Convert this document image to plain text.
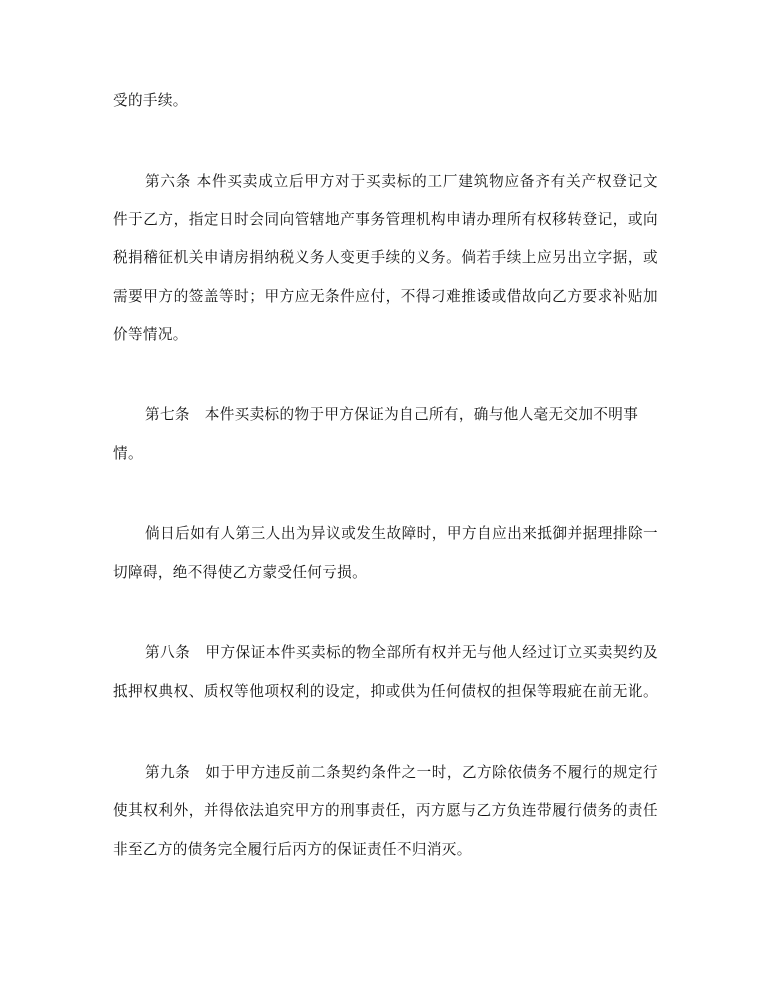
受的手续。
第六条 本件买卖成立后甲方对于买卖标的工厂建筑物应备齐有关产权登记文
件于乙方，指定日时会同向管辖地产事务管理机构申请办理所有权移转登记，或向
税捐稽征机关申请房捐纳税义务人变更手续的义务。倘若手续上应另出立字据，或
需要甲方的签盖等时；甲方应无条件应付，不得刁难推诿或借故向乙方要求补贴加
价等情况。
第七条　本件买卖标的物于甲方保证为自己所有，确与他人毫无交加不明事
情。
倘日后如有人第三人出为异议或发生故障时，甲方自应出来抵御并据理排除一
切障碍，绝不得使乙方蒙受任何亏损。
第八条　甲方保证本件买卖标的物全部所有权并无与他人经过订立买卖契约及
抵押权典权、质权等他项权利的设定，抑或供为任何债权的担保等瑕疵在前无讹。
第九条　如于甲方违反前二条契约条件之一时，乙方除依债务不履行的规定行
使其权利外，并得依法追究甲方的刑事责任，丙方愿与乙方负连带履行债务的责任
非至乙方的债务完全履行后丙方的保证责任不归消灭。
